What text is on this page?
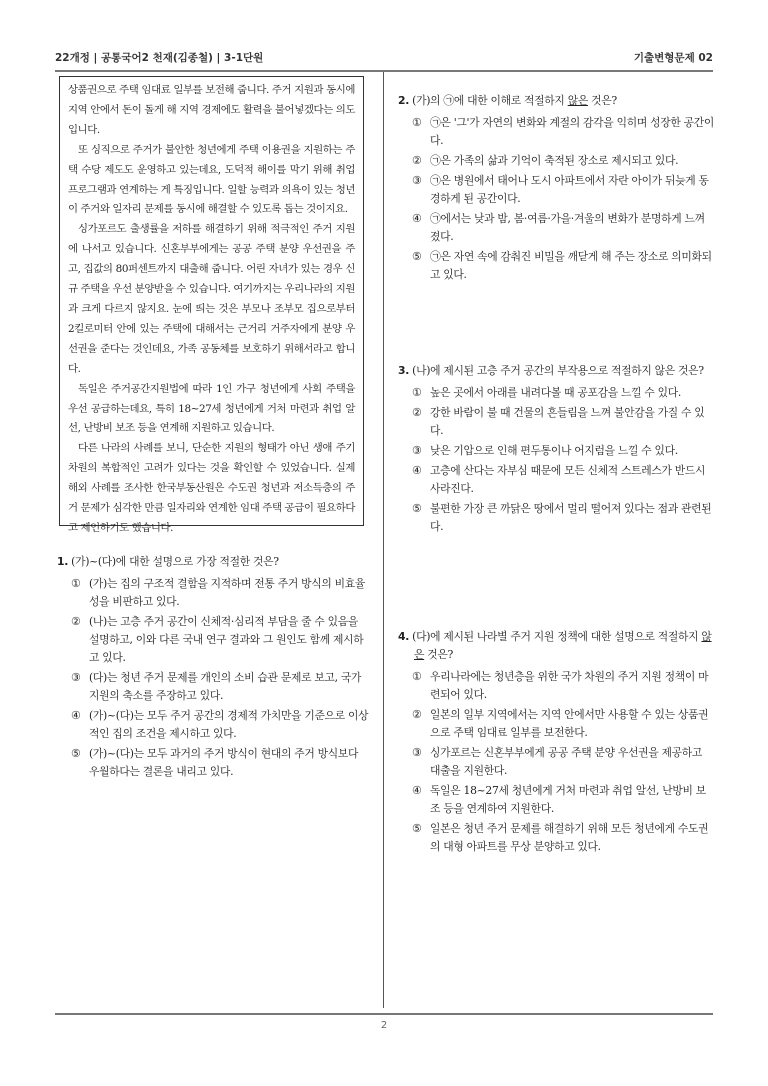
22개정 | 공통국어2 천재(김종철) | 3-1단원	기출변형문제 02

상품권으로 주택 임대료 일부를 보전해 줍니다. 주거 지원과 동시에 지역 안에서 돈이 돌게 해 지역 경제에도 활력을 불어넣겠다는 의도입니다.

또 싱직으로 주거가 불안한 청년에게 주택 이용권을 지원하는 주택 수당 제도도 운영하고 있는데요, 도덕적 해이를 막기 위해 취업 프로그램과 연계하는 게 특징입니다. 일할 능력과 의욕이 있는 청년이 주거와 일자리 문제를 동시에 해결할 수 있도록 돕는 것이지요.

싱가포르도 출생률을 저하를 해결하기 위해 적극적인 주거 지원에 나서고 있습니다. 신혼부부에게는 공공 주택 분양 우선권을 주고, 집값의 80퍼센트까지 대출해 줍니다. 어린 자녀가 있는 경우 신규 주택을 우선 분양받을 수 있습니다. 여기까지는 우리나라의 지원과 크게 다르지 않지요. 눈에 띄는 것은 부모나 조부모 집으로부터 2킬로미터 안에 있는 주택에 대해서는 근거리 거주자에게 분양 우선권을 준다는 것인데요, 가족 공동체를 보호하기 위해서라고 합니다.

독일은 주거공간지원법에 따라 1인 가구 청년에게 사회 주택을 우선 공급하는데요, 특히 18~27세 청년에게 거처 마련과 취업 알선, 난방비 보조 등을 연계해 지원하고 있습니다.

다른 나라의 사례를 보니, 단순한 지원의 형태가 아닌 생애 주기 차원의 복합적인 고려가 있다는 것을 확인할 수 있었습니다. 실제 해외 사례를 조사한 한국부동산원은 수도권 청년과 저소득층의 주거 문제가 심각한 만큼 일자리와 연계한 임대 주택 공급이 필요하다고 제언하기도 했습니다.

1. (가)~(다)에 대한 설명으로 가장 적절한 것은?

① (가)는 집의 구조적 결함을 지적하며 전통 주거 방식의 비효율성을 비판하고 있다.
② (나)는 고층 주거 공간이 신체적·심리적 부담을 줄 수 있음을 설명하고, 이와 다른 국내 연구 결과와 그 원인도 함께 제시하고 있다.
③ (다)는 청년 주거 문제를 개인의 소비 습관 문제로 보고, 국가 지원의 축소를 주장하고 있다.
④ (가)~(다)는 모두 주거 공간의 경제적 가치만을 기준으로 이상적인 집의 조건을 제시하고 있다.
⑤ (가)~(다)는 모두 과거의 주거 방식이 현대의 주거 방식보다 우월하다는 결론을 내리고 있다.

2. (가)의 ㉠에 대한 이해로 적절하지 않은 것은?

① ㉠은 '그'가 자연의 변화와 계절의 감각을 익히며 성장한 공간이다.
② ㉠은 가족의 삶과 기억이 축적된 장소로 제시되고 있다.
③ ㉠은 병원에서 태어나 도시 아파트에서 자란 아이가 뒤늦게 동경하게 된 공간이다.
④ ㉠에서는 낮과 밤, 봄·여름·가을·겨울의 변화가 분명하게 느껴졌다.
⑤ ㉠은 자연 속에 감춰진 비밀을 깨닫게 해 주는 장소로 의미화되고 있다.

3. (나)에 제시된 고층 주거 공간의 부작용으로 적절하지 않은 것은?

① 높은 곳에서 아래를 내려다볼 때 공포감을 느낄 수 있다.
② 강한 바람이 불 때 건물의 흔들림을 느껴 불안감을 가질 수 있다.
③ 낮은 기압으로 인해 편두통이나 어지럼을 느낄 수 있다.
④ 고층에 산다는 자부심 때문에 모든 신체적 스트레스가 반드시 사라진다.
⑤ 불편한 가장 큰 까닭은 땅에서 멀리 떨어져 있다는 점과 관련된다.

4. (다)에 제시된 나라별 주거 지원 정책에 대한 설명으로 적절하지 않은 것은?

① 우리나라에는 청년층을 위한 국가 차원의 주거 지원 정책이 마련되어 있다.
② 일본의 일부 지역에서는 지역 안에서만 사용할 수 있는 상품권으로 주택 임대료 일부를 보전한다.
③ 싱가포르는 신혼부부에게 공공 주택 분양 우선권을 제공하고 대출을 지원한다.
④ 독일은 18~27세 청년에게 거처 마련과 취업 알선, 난방비 보조 등을 연계하여 지원한다.
⑤ 일본은 청년 주거 문제를 해결하기 위해 모든 청년에게 수도권의 대형 아파트를 무상 분양하고 있다.
2
